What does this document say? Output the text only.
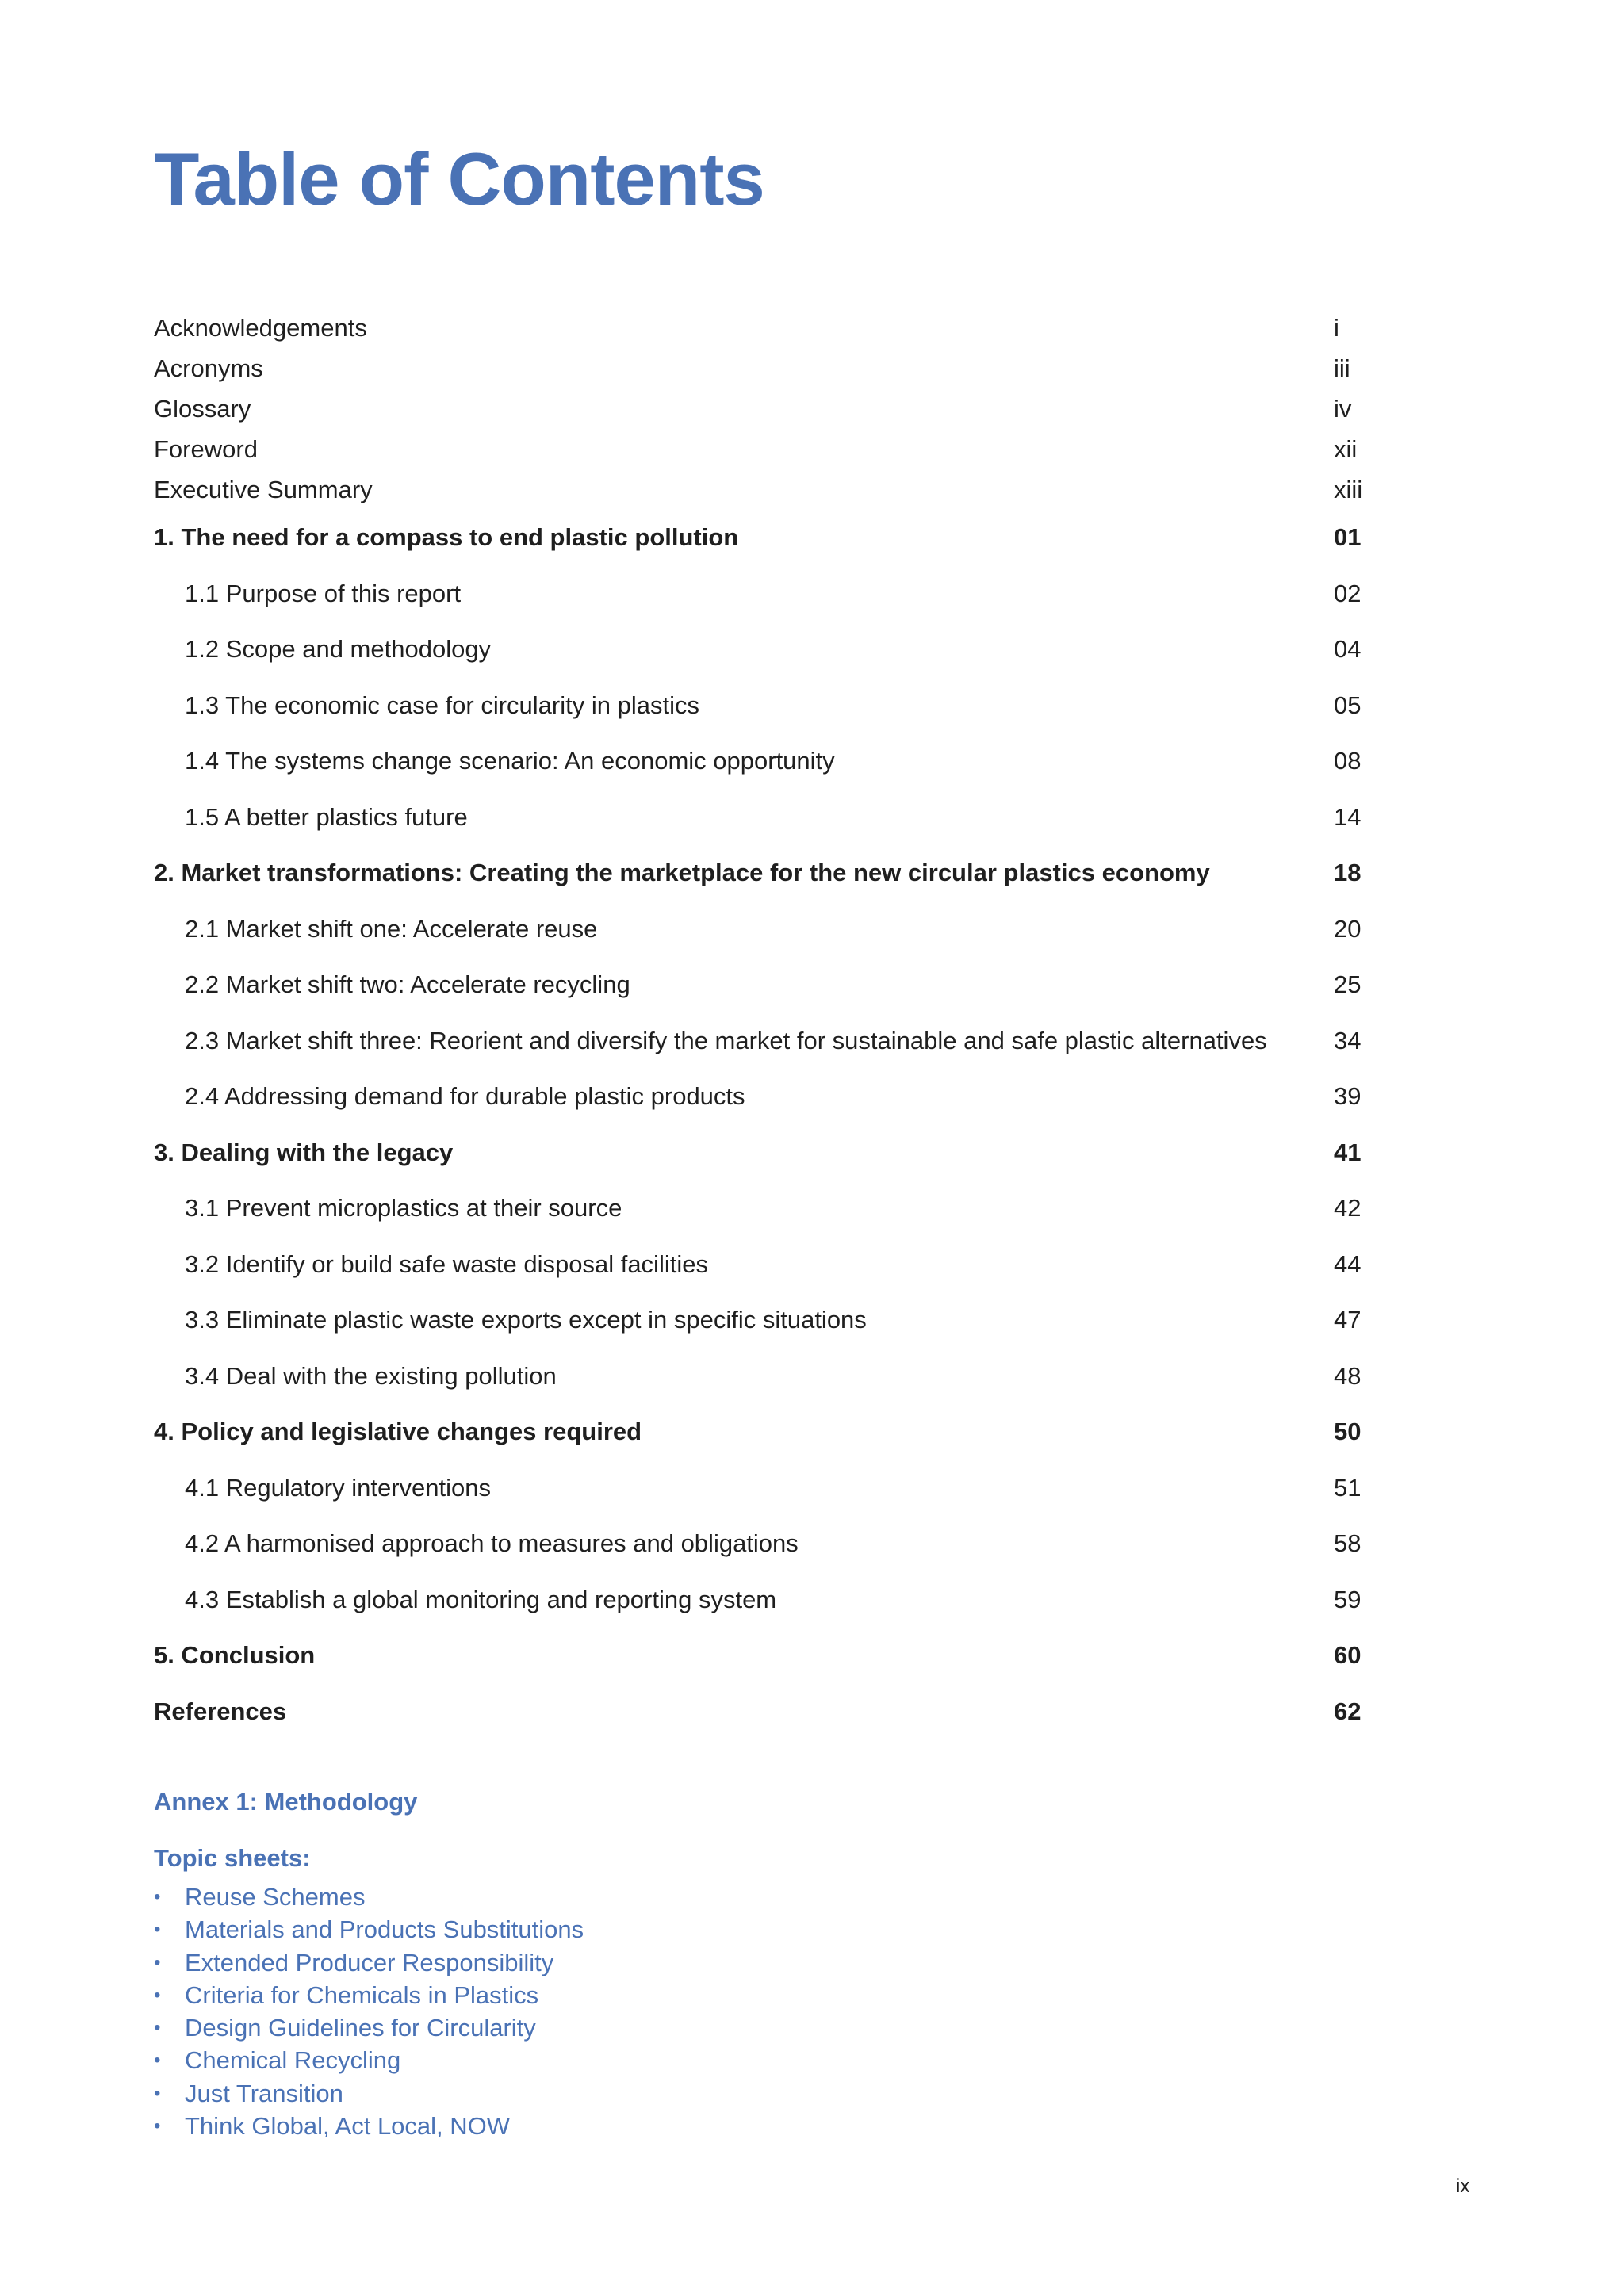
Table of Contents
Acknowledgements	i
Acronyms	iii
Glossary	iv
Foreword	xii
Executive Summary	xiii
1. The need for a compass to end plastic pollution	01
1.1 Purpose of this report	02
1.2 Scope and methodology	04
1.3 The economic case for circularity in plastics	05
1.4 The systems change scenario: An economic opportunity	08
1.5 A better plastics future	14
2. Market transformations: Creating the marketplace for the new circular plastics economy	18
2.1 Market shift one: Accelerate reuse	20
2.2 Market shift two: Accelerate recycling	25
2.3 Market shift three: Reorient and diversify the market for sustainable and safe plastic alternatives	34
2.4 Addressing demand for durable plastic products	39
3. Dealing with the legacy	41
3.1 Prevent microplastics at their source	42
3.2 Identify or build safe waste disposal facilities	44
3.3 Eliminate plastic waste exports except in specific situations	47
3.4 Deal with the existing pollution	48
4. Policy and legislative changes required	50
4.1 Regulatory interventions	51
4.2 A harmonised approach to measures and obligations	58
4.3 Establish a global monitoring and reporting system	59
5. Conclusion	60
References	62
Annex 1: Methodology
Topic sheets:
• Reuse Schemes
• Materials and Products Substitutions
• Extended Producer Responsibility
• Criteria for Chemicals in Plastics
• Design Guidelines for Circularity
• Chemical Recycling
• Just Transition
• Think Global, Act Local, NOW
ix
